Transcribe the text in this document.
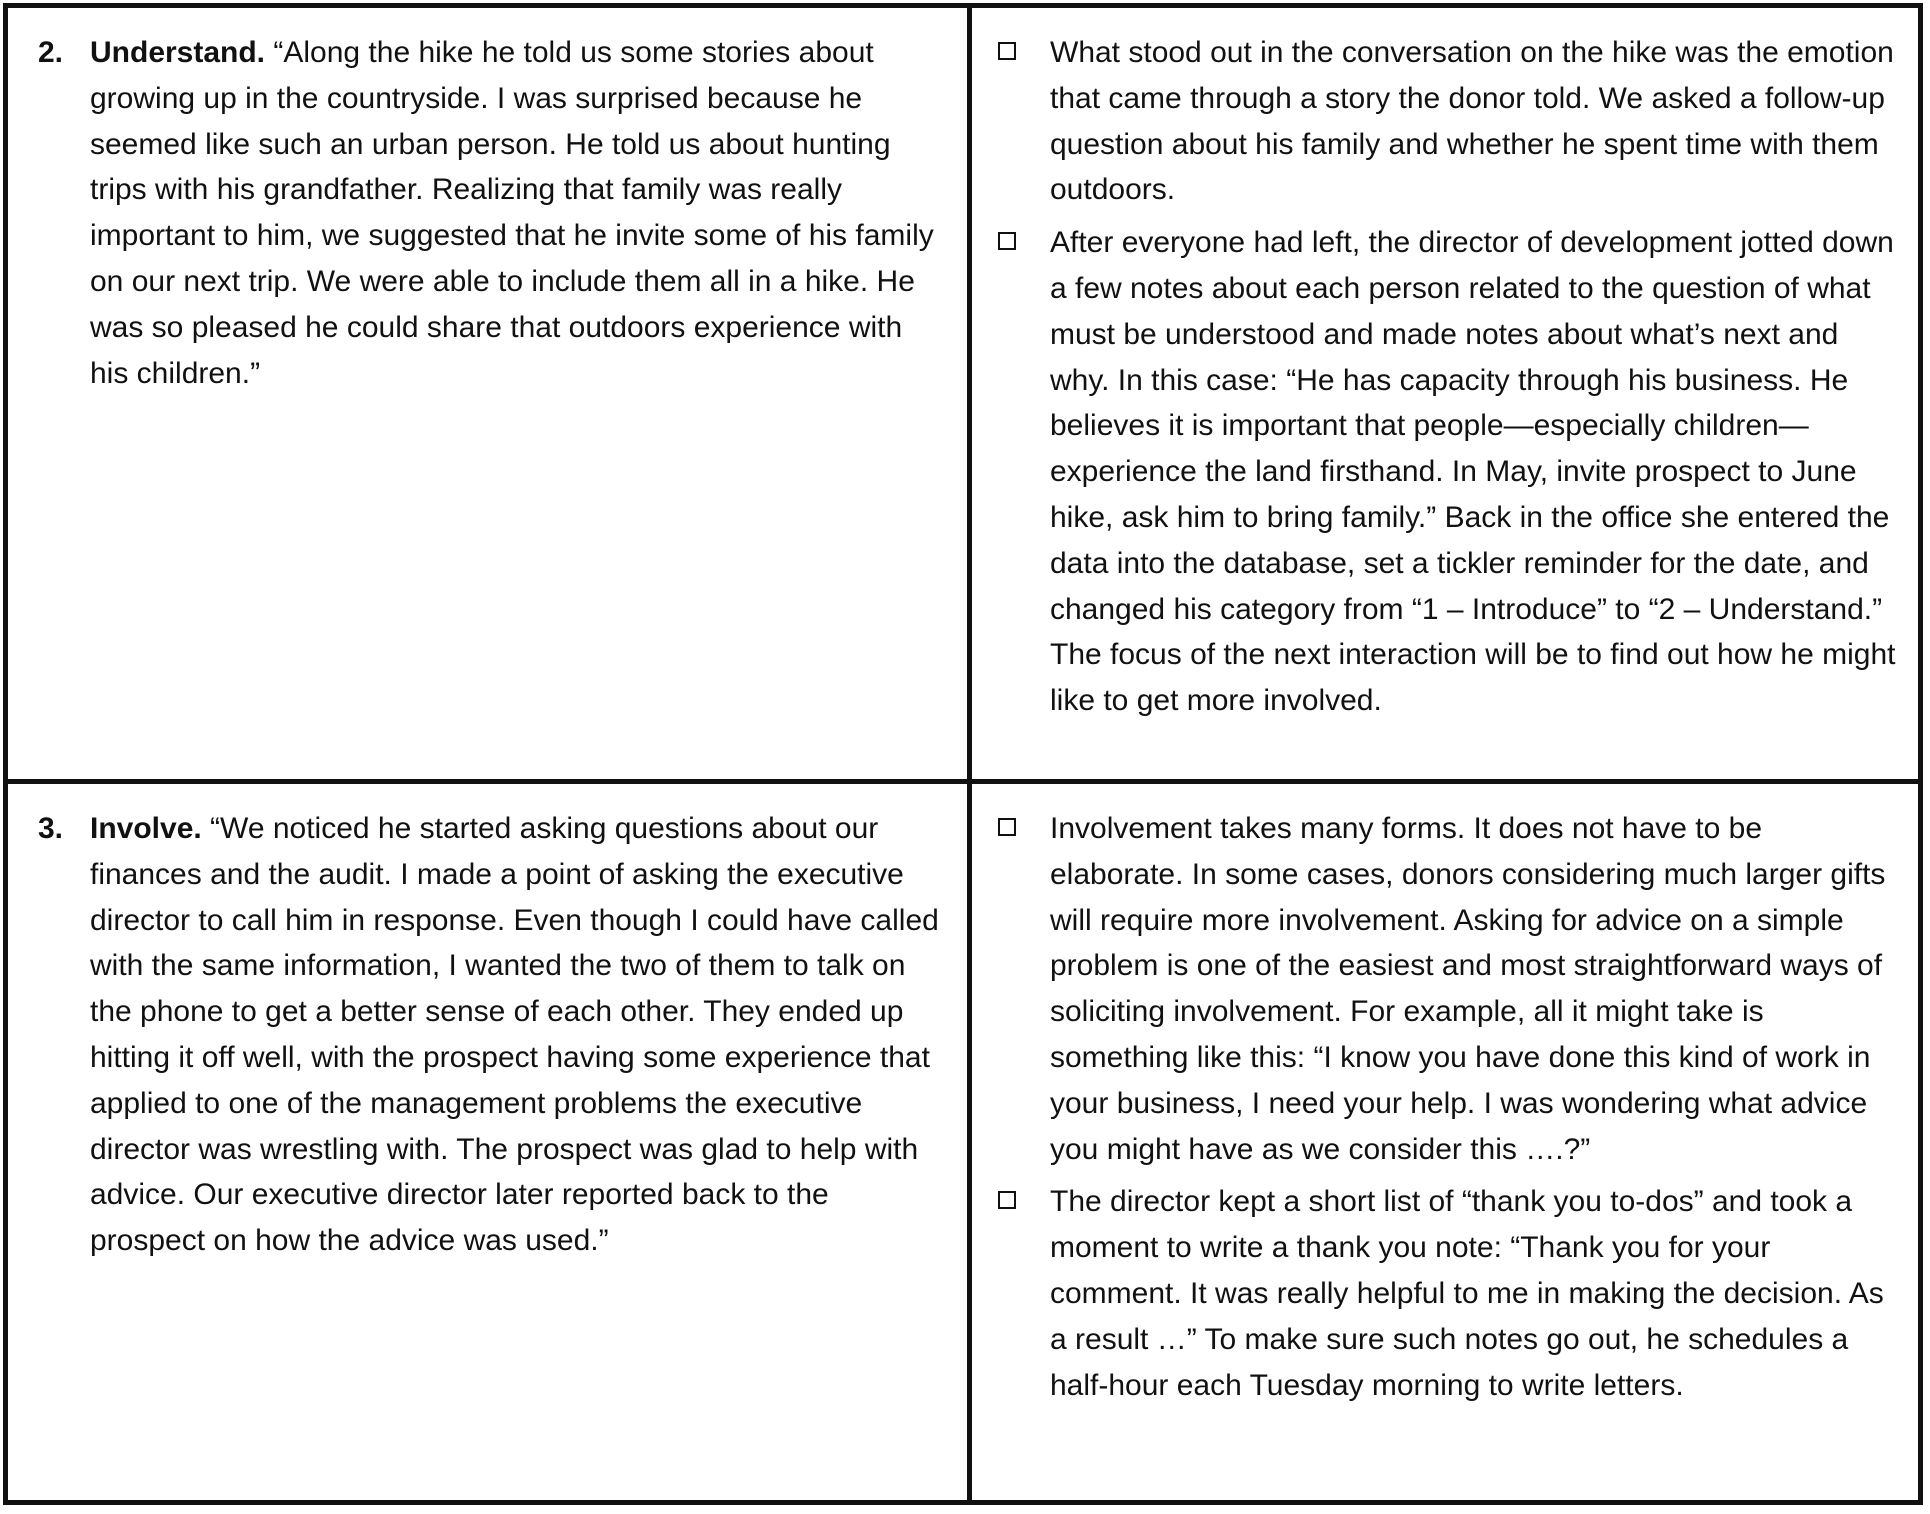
2. Understand. “Along the hike he told us some stories about growing up in the countryside. I was surprised because he seemed like such an urban person. He told us about hunting trips with his grandfather. Realizing that family was really important to him, we suggested that he invite some of his family on our next trip. We were able to include them all in a hike. He was so pleased he could share that outdoors experience with his children.”
What stood out in the conversation on the hike was the emotion that came through a story the donor told. We asked a follow-up question about his family and whether he spent time with them outdoors.
After everyone had left, the director of development jotted down a few notes about each person related to the question of what must be understood and made notes about what’s next and why. In this case: “He has capacity through his business. He believes it is important that people—especially children—experience the land firsthand. In May, invite prospect to June hike, ask him to bring family.” Back in the office she entered the data into the database, set a tickler reminder for the date, and changed his category from “1 – Introduce” to “2 – Understand.” The focus of the next interaction will be to find out how he might like to get more involved.
3. Involve. “We noticed he started asking questions about our finances and the audit. I made a point of asking the executive director to call him in response. Even though I could have called with the same information, I wanted the two of them to talk on the phone to get a better sense of each other. They ended up hitting it off well, with the prospect having some experience that applied to one of the management problems the executive director was wrestling with. The prospect was glad to help with advice. Our executive director later reported back to the prospect on how the advice was used.”
Involvement takes many forms. It does not have to be elaborate. In some cases, donors considering much larger gifts will require more involvement. Asking for advice on a simple problem is one of the easiest and most straightforward ways of soliciting involvement. For example, all it might take is something like this: “I know you have done this kind of work in your business, I need your help. I was wondering what advice you might have as we consider this ….?”
The director kept a short list of “thank you to-dos” and took a moment to write a thank you note: “Thank you for your comment. It was really helpful to me in making the decision. As a result …” To make sure such notes go out, he schedules a half-hour each Tuesday morning to write letters.
